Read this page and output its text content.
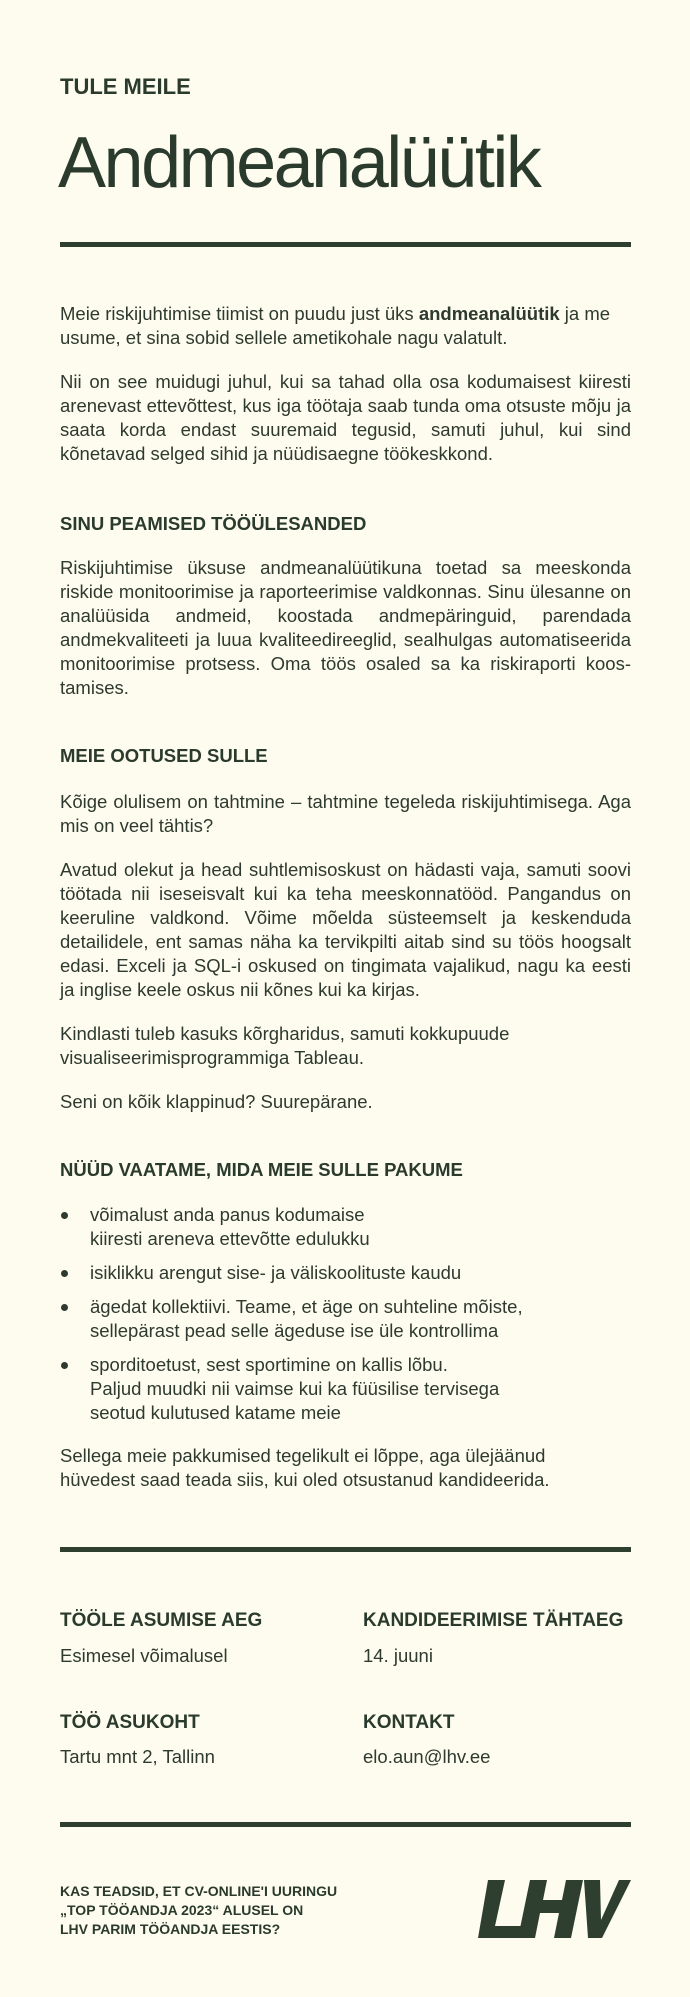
TULE MEILE
Andmeanalüütik
Meie riskijuhtimise tiimist on puudu just üks andmeanalüütik ja me usume, et sina sobid sellele ametikohale nagu valatult.
Nii on see muidugi juhul, kui sa tahad olla osa kodumaisest kiiresti arenevast ettevõttest, kus iga töötaja saab tunda oma otsuste mõju ja saata korda endast suuremaid tegusid, samuti juhul, kui sind kõnetavad selged sihid ja nüüdisaegne töökeskkond.
SINU PEAMISED TÖÖÜLESANDED
Riskijuhtimise üksuse andmeanalüütikuna toetad sa meeskonda riskide monitoorimise ja raporteerimise valdkonnas. Sinu ülesanne on analüüsida andmeid, koostada andmepäringuid, parendada andmekvaliteeti ja luua kvaliteedireeglid, sealhulgas automatiseerida monitoorimise protsess. Oma töös osaled sa ka riskiraporti koos-tamises.
MEIE OOTUSED SULLE
Kõige olulisem on tahtmine – tahtmine tegeleda riskijuhtimisega. Aga mis on veel tähtis?
Avatud olekut ja head suhtlemisoskust on hädasti vaja, samuti soovi töötada nii iseseisvalt kui ka teha meeskonnatööd. Pangandus on keeruline valdkond. Võime mõelda süsteemselt ja keskenduda detailidele, ent samas näha ka tervikpilti aitab sind su töös hoogsalt edasi. Exceli ja SQL-i oskused on tingimata vajalikud, nagu ka eesti ja inglise keele oskus nii kõnes kui ka kirjas.
Kindlasti tuleb kasuks kõrgharidus, samuti kokkupuude
visualiseerimisprogrammiga Tableau.
Seni on kõik klappinud? Suurepärane.
NÜÜD VAATAME, MIDA MEIE SULLE PAKUME
võimalust anda panus kodumaise
kiiresti areneva ettevõtte edulukku
isiklikku arengut sise- ja väliskoolituste kaudu
ägedat kollektiivi. Teame, et äge on suhteline mõiste,
sellepärast pead selle ägeduse ise üle kontrollima
sporditoetust, sest sportimine on kallis lõbu.
Paljud muudki nii vaimse kui ka füüsilise tervisega
seotud kulutused katame meie
Sellega meie pakkumised tegelikult ei lõppe, aga ülejäänud
hüvedest saad teada siis, kui oled otsustanud kandideerida.
TÖÖLE ASUMISE AEG
Esimesel võimalusel
KANDIDEERIMISE TÄHTAEG
14. juuni
TÖÖ ASUKOHT
Tartu mnt 2, Tallinn
KONTAKT
elo.aun@lhv.ee
KAS TEADSID, ET CV-ONLINE'I UURINGU
„TOP TÖÖANDJA 2023“ ALUSEL ON
LHV PARIM TÖÖANDJA EESTIS?
